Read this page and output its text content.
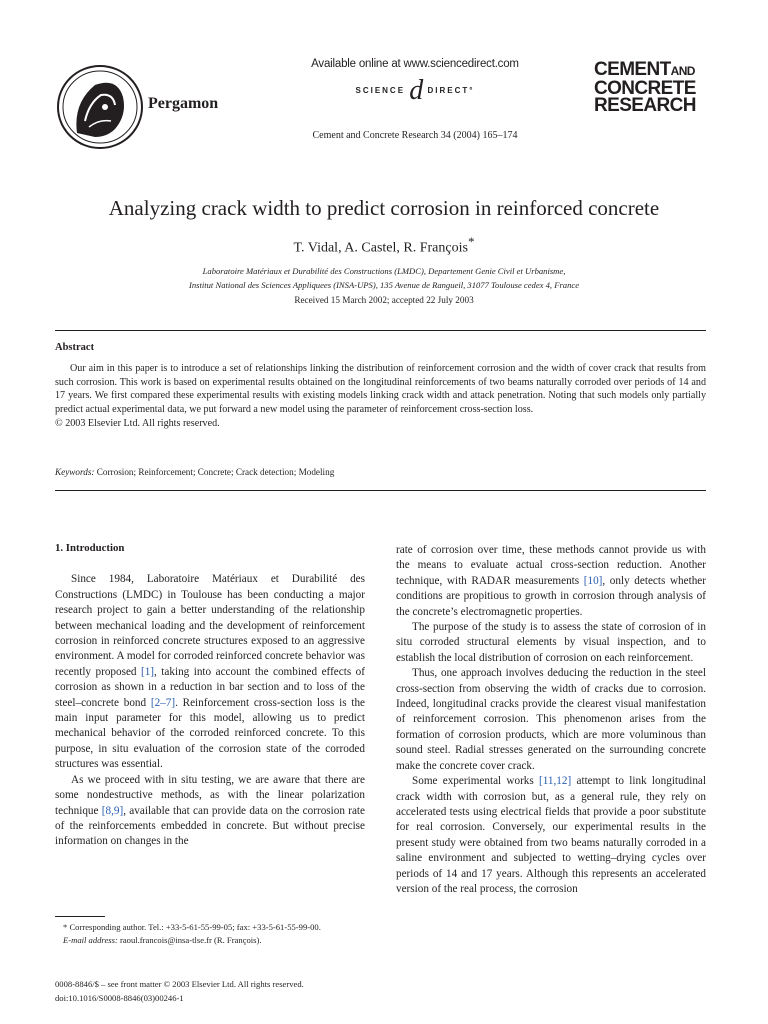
Pergamon
Available online at www.sciencedirect.com
SCIENCE d DIRECT°
Cement and Concrete Research 34 (2004) 165–174
CEMENTAND
CONCRETE
RESEARCH
Analyzing crack width to predict corrosion in reinforced concrete
T. Vidal, A. Castel, R. François*
Laboratoire Matériaux et Durabilité des Constructions (LMDC), Departement Genie Civil et Urbanisme,
Institut National des Sciences Appliquees (INSA-UPS), 135 Avenue de Rangueil, 31077 Toulouse cedex 4, France
Received 15 March 2002; accepted 22 July 2003
Abstract

Our aim in this paper is to introduce a set of relationships linking the distribution of reinforcement corrosion and the width of cover crack that results from such corrosion. This work is based on experimental results obtained on the longitudinal reinforcements of two beams naturally corroded over periods of 14 and 17 years. We first compared these experimental results with existing models linking crack width and attack penetration. Noting that such models only partially predict actual experimental data, we put forward a new model using the parameter of reinforcement cross-section loss.

© 2003 Elsevier Ltd. All rights reserved.

Keywords: Corrosion; Reinforcement; Concrete; Crack detection; Modeling
1. Introduction

Since 1984, Laboratoire Matériaux et Durabilité des Constructions (LMDC) in Toulouse has been conducting a major research project to gain a better understanding of the relationship between mechanical loading and the development of reinforcement corrosion in reinforced concrete structures exposed to an aggressive environment. A model for corroded reinforced concrete behavior was recently proposed [1], taking into account the combined effects of corrosion as shown in a reduction in bar section and to loss of the steel–concrete bond [2–7]. Reinforcement cross-section loss is the main input parameter for this model, allowing us to predict mechanical behavior of the corroded reinforced concrete. To this purpose, in situ evaluation of the corrosion state of the corroded structures was essential.

As we proceed with in situ testing, we are aware that there are some nondestructive methods, as with the linear polarization technique [8,9], available that can provide data on the corrosion rate of the reinforcements embedded in concrete. But without precise information on changes in the

rate of corrosion over time, these methods cannot provide us with the means to evaluate actual cross-section reduction. Another technique, with RADAR measurements [10], only detects whether conditions are propitious to growth in corrosion through analysis of the concrete’s electromagnetic properties.

The purpose of the study is to assess the state of corrosion of in situ corroded structural elements by visual inspection, and to establish the local distribution of corrosion on each reinforcement.

Thus, one approach involves deducing the reduction in the steel cross-section from observing the width of cracks due to corrosion. Indeed, longitudinal cracks provide the clearest visual manifestation of reinforcement corrosion. This phenomenon arises from the formation of corrosion products, which are more voluminous than sound steel. Radial stresses generated on the surrounding concrete make the concrete cover crack.

Some experimental works [11,12] attempt to link longitudinal crack width with corrosion but, as a general rule, they rely on accelerated tests using electrical fields that provide a poor substitute for real corrosion. Conversely, our experimental results in the present study were obtained from two beams naturally corroded in a saline environment and subjected to wetting–drying cycles over periods of 14 and 17 years. Although this represents an accelerated version of the real process, the corrosion

* Corresponding author. Tel.: +33-5-61-55-99-05; fax: +33-5-61-55-99-00.
E-mail address: raoul.francois@insa-tlse.fr (R. François).
0008-8846/$ – see front matter © 2003 Elsevier Ltd. All rights reserved.
doi:10.1016/S0008-8846(03)00246-1
